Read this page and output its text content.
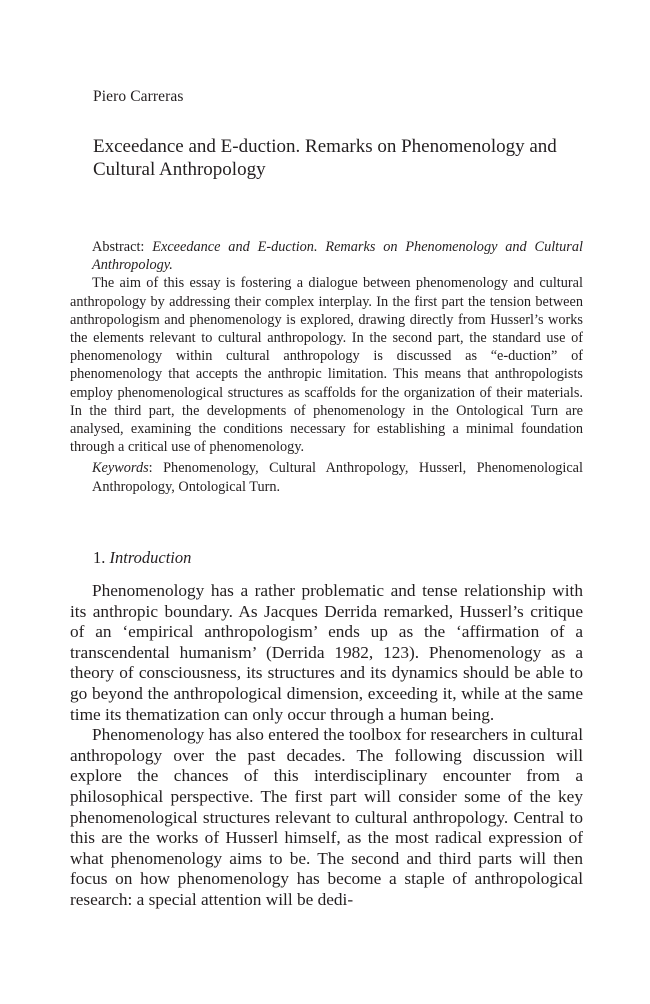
Piero Carreras
Exceedance and E-duction. Remarks on Phenomenology and Cultural Anthropology

Abstract: Exceedance and E-duction. Remarks on Phenomenology and Cultural Anthropology.

The aim of this essay is fostering a dialogue between phenomenology and cultural anthropology by addressing their complex interplay. In the first part the tension between anthropologism and phenomenology is explored, drawing directly from Husserl’s works the elements relevant to cultural anthropology. In the second part, the standard use of phenomenology within cultural anthropology is discussed as “e-duction” of phenomenology that accepts the anthropic limitation. This means that anthropologists employ phenomenological structures as scaffolds for the organization of their materials. In the third part, the developments of phenomenology in the Ontological Turn are analysed, examining the conditions necessary for establishing a minimal foundation through a critical use of phenomenology.

Keywords: Phenomenology, Cultural Anthropology, Husserl, Phenomenological Anthropology, Ontological Turn.

1. Introduction

Phenomenology has a rather problematic and tense relationship with its anthropic boundary. As Jacques Derrida remarked, Husserl’s critique of an ‘empirical anthropologism’ ends up as the ‘affirmation of a transcendental humanism’ (Derrida 1982, 123). Phenomenology as a theory of consciousness, its structures and its dynamics should be able to go beyond the anthropological dimension, exceeding it, while at the same time its thematization can only occur through a human being.

Phenomenology has also entered the toolbox for researchers in cultural anthropology over the past decades. The following discussion will explore the chances of this interdisciplinary encounter from a philosophical perspective. The first part will consider some of the key phenomenological structures relevant to cultural anthropology. Central to this are the works of Husserl himself, as the most radical expression of what phenomenology aims to be. The second and third parts will then focus on how phenomenology has become a staple of anthropological research: a special attention will be dedi-
